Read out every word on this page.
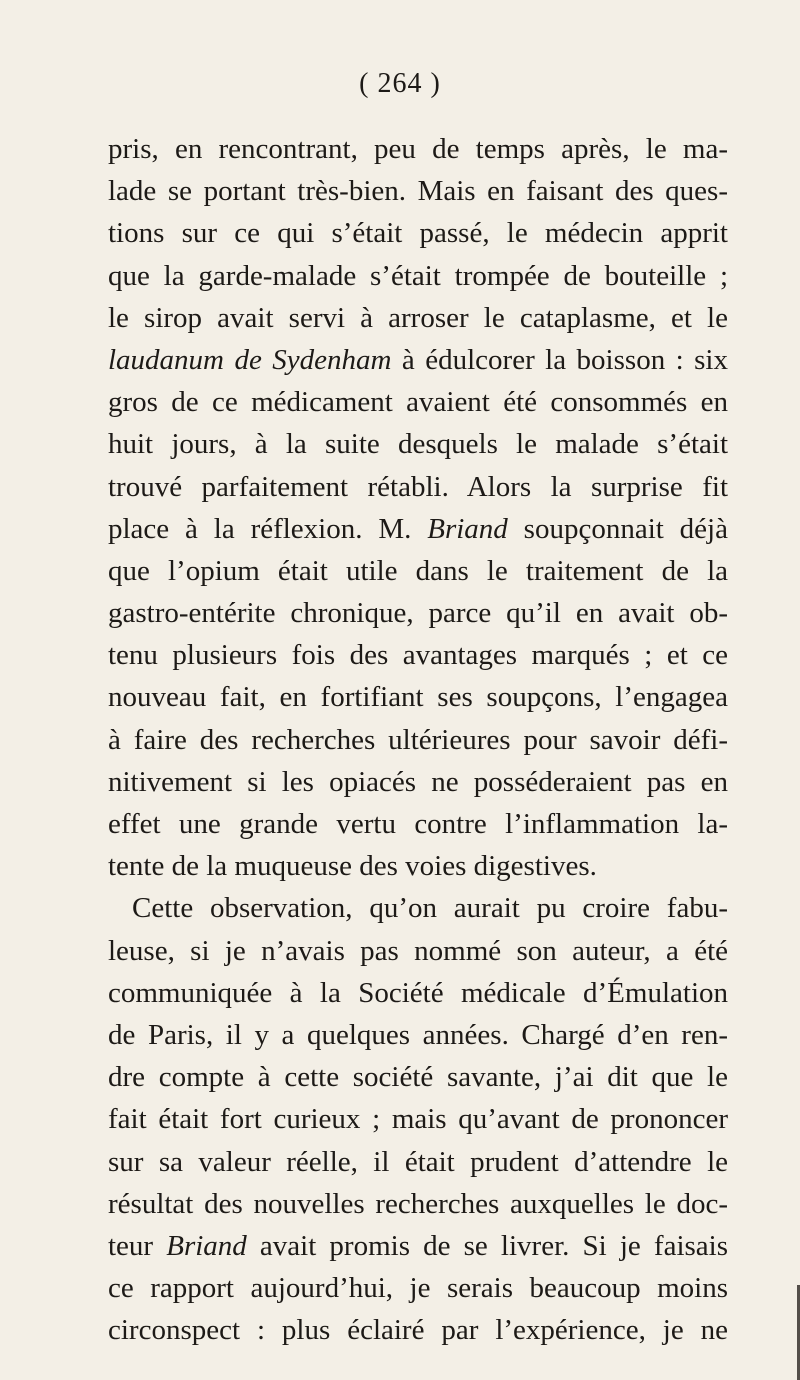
( 264 )
pris, en rencontrant, peu de temps après, le ma-
lade se portant très-bien. Mais en faisant des ques-
tions sur ce qui s’était passé, le médecin apprit
que la garde-malade s’était trompée de bouteille ;
le sirop avait servi à arroser le cataplasme, et le
laudanum de Sydenham à édulcorer la boisson : six
gros de ce médicament avaient été consommés en
huit jours, à la suite desquels le malade s’était
trouvé parfaitement rétabli. Alors la surprise fit
place à la réflexion. M. Briand soupçonnait déjà
que l’opium était utile dans le traitement de la
gastro-entérite chronique, parce qu’il en avait ob-
tenu plusieurs fois des avantages marqués ; et ce
nouveau fait, en fortifiant ses soupçons, l’engagea
à faire des recherches ultérieures pour savoir défi-
nitivement si les opiacés ne posséderaient pas en
effet une grande vertu contre l’inflammation la-
tente de la muqueuse des voies digestives.
Cette observation, qu’on aurait pu croire fabu-
leuse, si je n’avais pas nommé son auteur, a été
communiquée à la Société médicale d’Émulation
de Paris, il y a quelques années. Chargé d’en ren-
dre compte à cette société savante, j’ai dit que le
fait était fort curieux ; mais qu’avant de prononcer
sur sa valeur réelle, il était prudent d’attendre le
résultat des nouvelles recherches auxquelles le doc-
teur Briand avait promis de se livrer. Si je faisais
ce rapport aujourd’hui, je serais beaucoup moins
circonspect : plus éclairé par l’expérience, je ne
